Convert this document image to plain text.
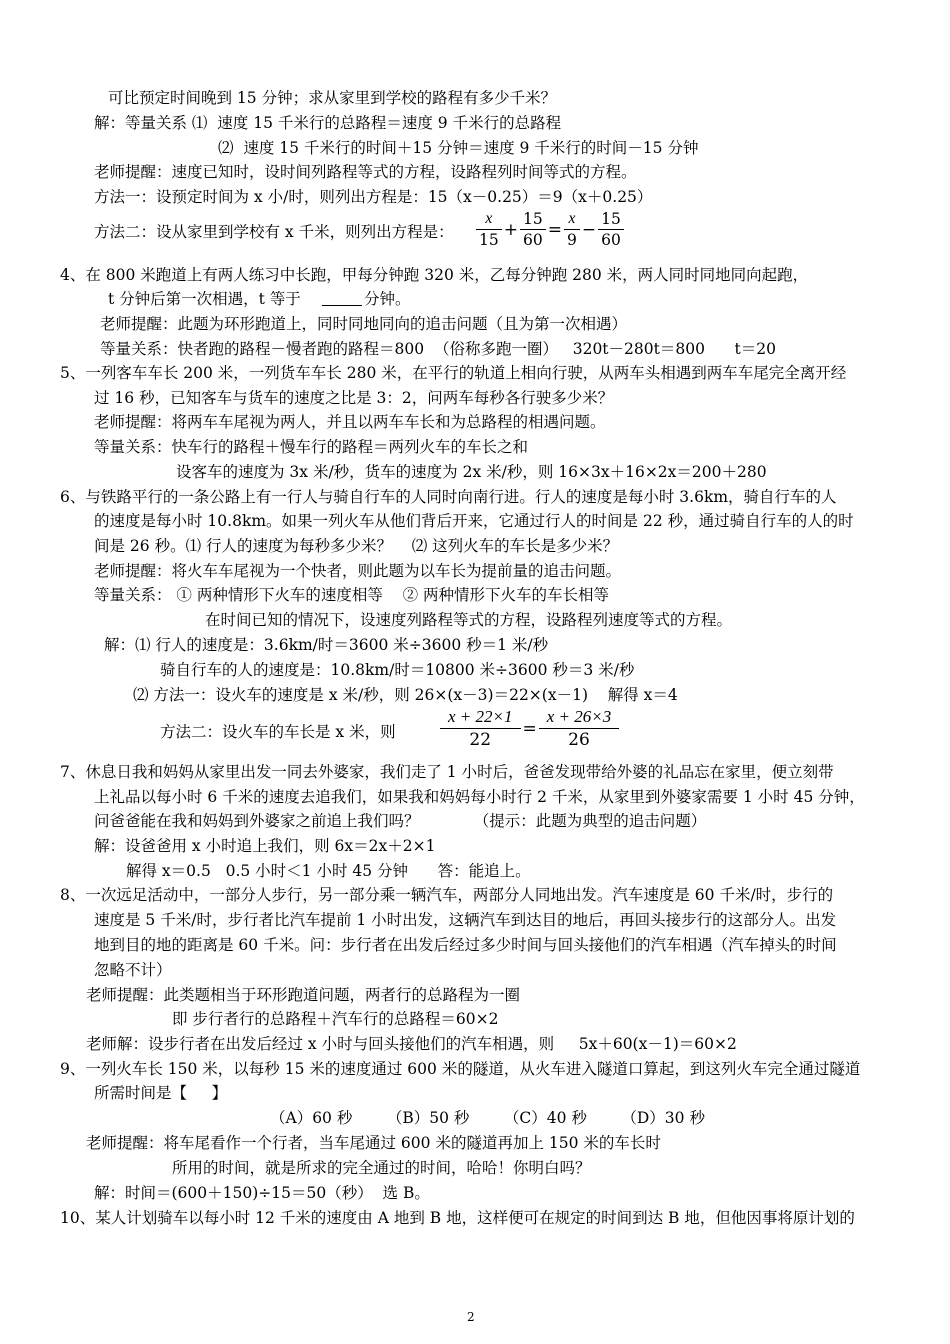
可比预定时间晚到 15 分钟；求从家里到学校的路程有多少千米？
解：等量关系 ⑴  速度 15 千米行的总路程＝速度 9 千米行的总路程
⑵  速度 15 千米行的时间＋15 分钟＝速度 9 千米行的时间－15 分钟
老师提醒：速度已知时，设时间列路程等式的方程，设路程列时间等式的方程。
方法一：设预定时间为 x 小/时，则列出方程是：15（x－0.25）＝9（x＋0.25）
方法二：设从家里到学校有 x 千米，则列出方程是： $\frac{x}{15} + \frac{15}{60} = \frac{x}{9} - \frac{15}{60}$
4、在 800 米跑道上有两人练习中长跑，甲每分钟跑 320 米，乙每分钟跑 280 米，两人同时同地同向起跑，
t 分钟后第一次相遇，t 等于	分钟。
老师提醒：此题为环形跑道上，同时同地同向的追击问题（且为第一次相遇）
等量关系：快者跑的路程－慢者跑的路程＝800  （俗称多跑一圈）   320t－280t＝800      t＝20
5、一列客车车长 200 米，一列货车车长 280 米，在平行的轨道上相向行驶，从两车头相遇到两车车尾完全离开经
过 16 秒，已知客车与货车的速度之比是 3：2，问两车每秒各行驶多少米？
老师提醒：将两车车尾视为两人，并且以两车车长和为总路程的相遇问题。
等量关系：快车行的路程＋慢车行的路程＝两列火车的车长之和
设客车的速度为 3x 米/秒，货车的速度为 2x 米/秒，则 16×3x＋16×2x＝200＋280
6、与铁路平行的一条公路上有一行人与骑自行车的人同时向南行进。行人的速度是每小时 3.6km，骑自行车的人
的速度是每小时 10.8km。如果一列火车从他们背后开来，它通过行人的时间是 22 秒，通过骑自行车的人的时
间是 26 秒。⑴ 行人的速度为每秒多少米？    ⑵ 这列火车的车长是多少米？
老师提醒：将火车车尾视为一个快者，则此题为以车长为提前量的追击问题。
等量关系： ① 两种情形下火车的速度相等    ② 两种情形下火车的车长相等
在时间已知的情况下，设速度列路程等式的方程，设路程列速度等式的方程。
解：⑴ 行人的速度是：3.6km/时＝3600 米÷3600 秒＝1 米/秒
骑自行车的人的速度是：10.8km/时＝10800 米÷3600 秒＝3 米/秒
⑵ 方法一：设火车的速度是 x 米/秒，则 26×(x－3)＝22×(x－1)    解得 x＝4
方法二：设火车的车长是 x 米，则	$\frac{x + 22\times 1}{22} = \frac{x + 26\times 3}{26}$
7、休息日我和妈妈从家里出发一同去外婆家，我们走了 1 小时后，爸爸发现带给外婆的礼品忘在家里，便立刻带
上礼品以每小时 6 千米的速度去追我们，如果我和妈妈每小时行 2 千米，从家里到外婆家需要 1 小时 45 分钟，
问爸爸能在我和妈妈到外婆家之前追上我们吗？           （提示：此题为典型的追击问题）
解：设爸爸用 x 小时追上我们，则 6x＝2x＋2×1
解得 x＝0.5   0.5 小时＜1 小时 45 分钟      答：能追上。
8、一次远足活动中，一部分人步行，另一部分乘一辆汽车，两部分人同地出发。汽车速度是 60 千米/时，步行的
速度是 5 千米/时，步行者比汽车提前 1 小时出发，这辆汽车到达目的地后，再回头接步行的这部分人。出发
地到目的地的距离是 60 千米。问：步行者在出发后经过多少时间与回头接他们的汽车相遇（汽车掉头的时间
忽略不计）
老师提醒：此类题相当于环形跑道问题，两者行的总路程为一圈
即 步行者行的总路程＋汽车行的总路程＝60×2
老师解：设步行者在出发后经过 x 小时与回头接他们的汽车相遇，则     5x＋60(x－1)＝60×2
9、一列火车长 150 米，以每秒 15 米的速度通过 600 米的隧道，从火车进入隧道口算起，到这列火车完全通过隧道
所需时间是【     】
（A）60 秒       （B）50 秒       （C）40 秒       （D）30 秒
老师提醒：将车尾看作一个行者，当车尾通过 600 米的隧道再加上 150 米的车长时
所用的时间，就是所求的完全通过的时间，哈哈！你明白吗？
解：时间＝(600＋150)÷15＝50（秒）  选 B。
10、某人计划骑车以每小时 12 千米的速度由 A 地到 B 地，这样便可在规定的时间到达 B 地，但他因事将原计划的
2
